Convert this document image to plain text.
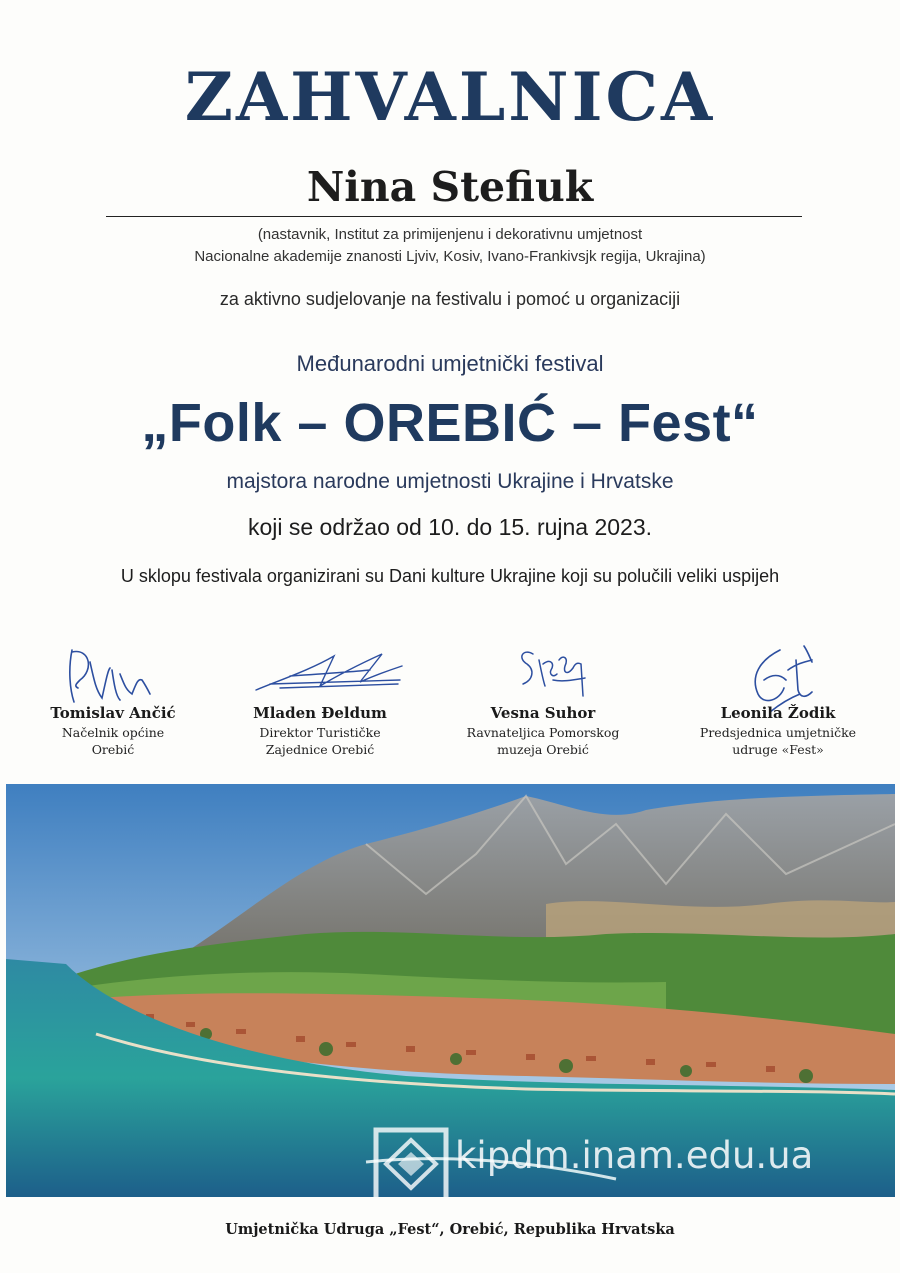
ZAHVALNICA
Nina Stefiuk
(nastavnik, Institut za primijenjenu i dekorativnu umjetnost
Nacionalne akademije znanosti Ljviv, Kosiv, Ivano-Frankivsjk regija, Ukrajina)
za aktivno sudjelovanje na festivalu i pomoć u organizaciji
Međunarodni umjetnički festival
„Folk – OREBIĆ – Fest“
majstora narodne umjetnosti Ukrajine i Hrvatske
koji se održao od 10. do 15. rujna 2023.
U sklopu festivala organizirani su Dani kulture Ukrajine koji su polučili veliki uspijeh
Tomislav Ančić
Načelnik općine
Orebić
Mladen Đeldum
Direktor Turističke
Zajednice Orebić
Vesna Suhor
Ravnateljica Pomorskog
muzeja Orebić
Leonila Žodik
Predsjednica umjetničke
udruge «Fest»
kipdm.inam.edu.ua
Umjetnička Udruga „Fest“, Orebić, Republika Hrvatska
